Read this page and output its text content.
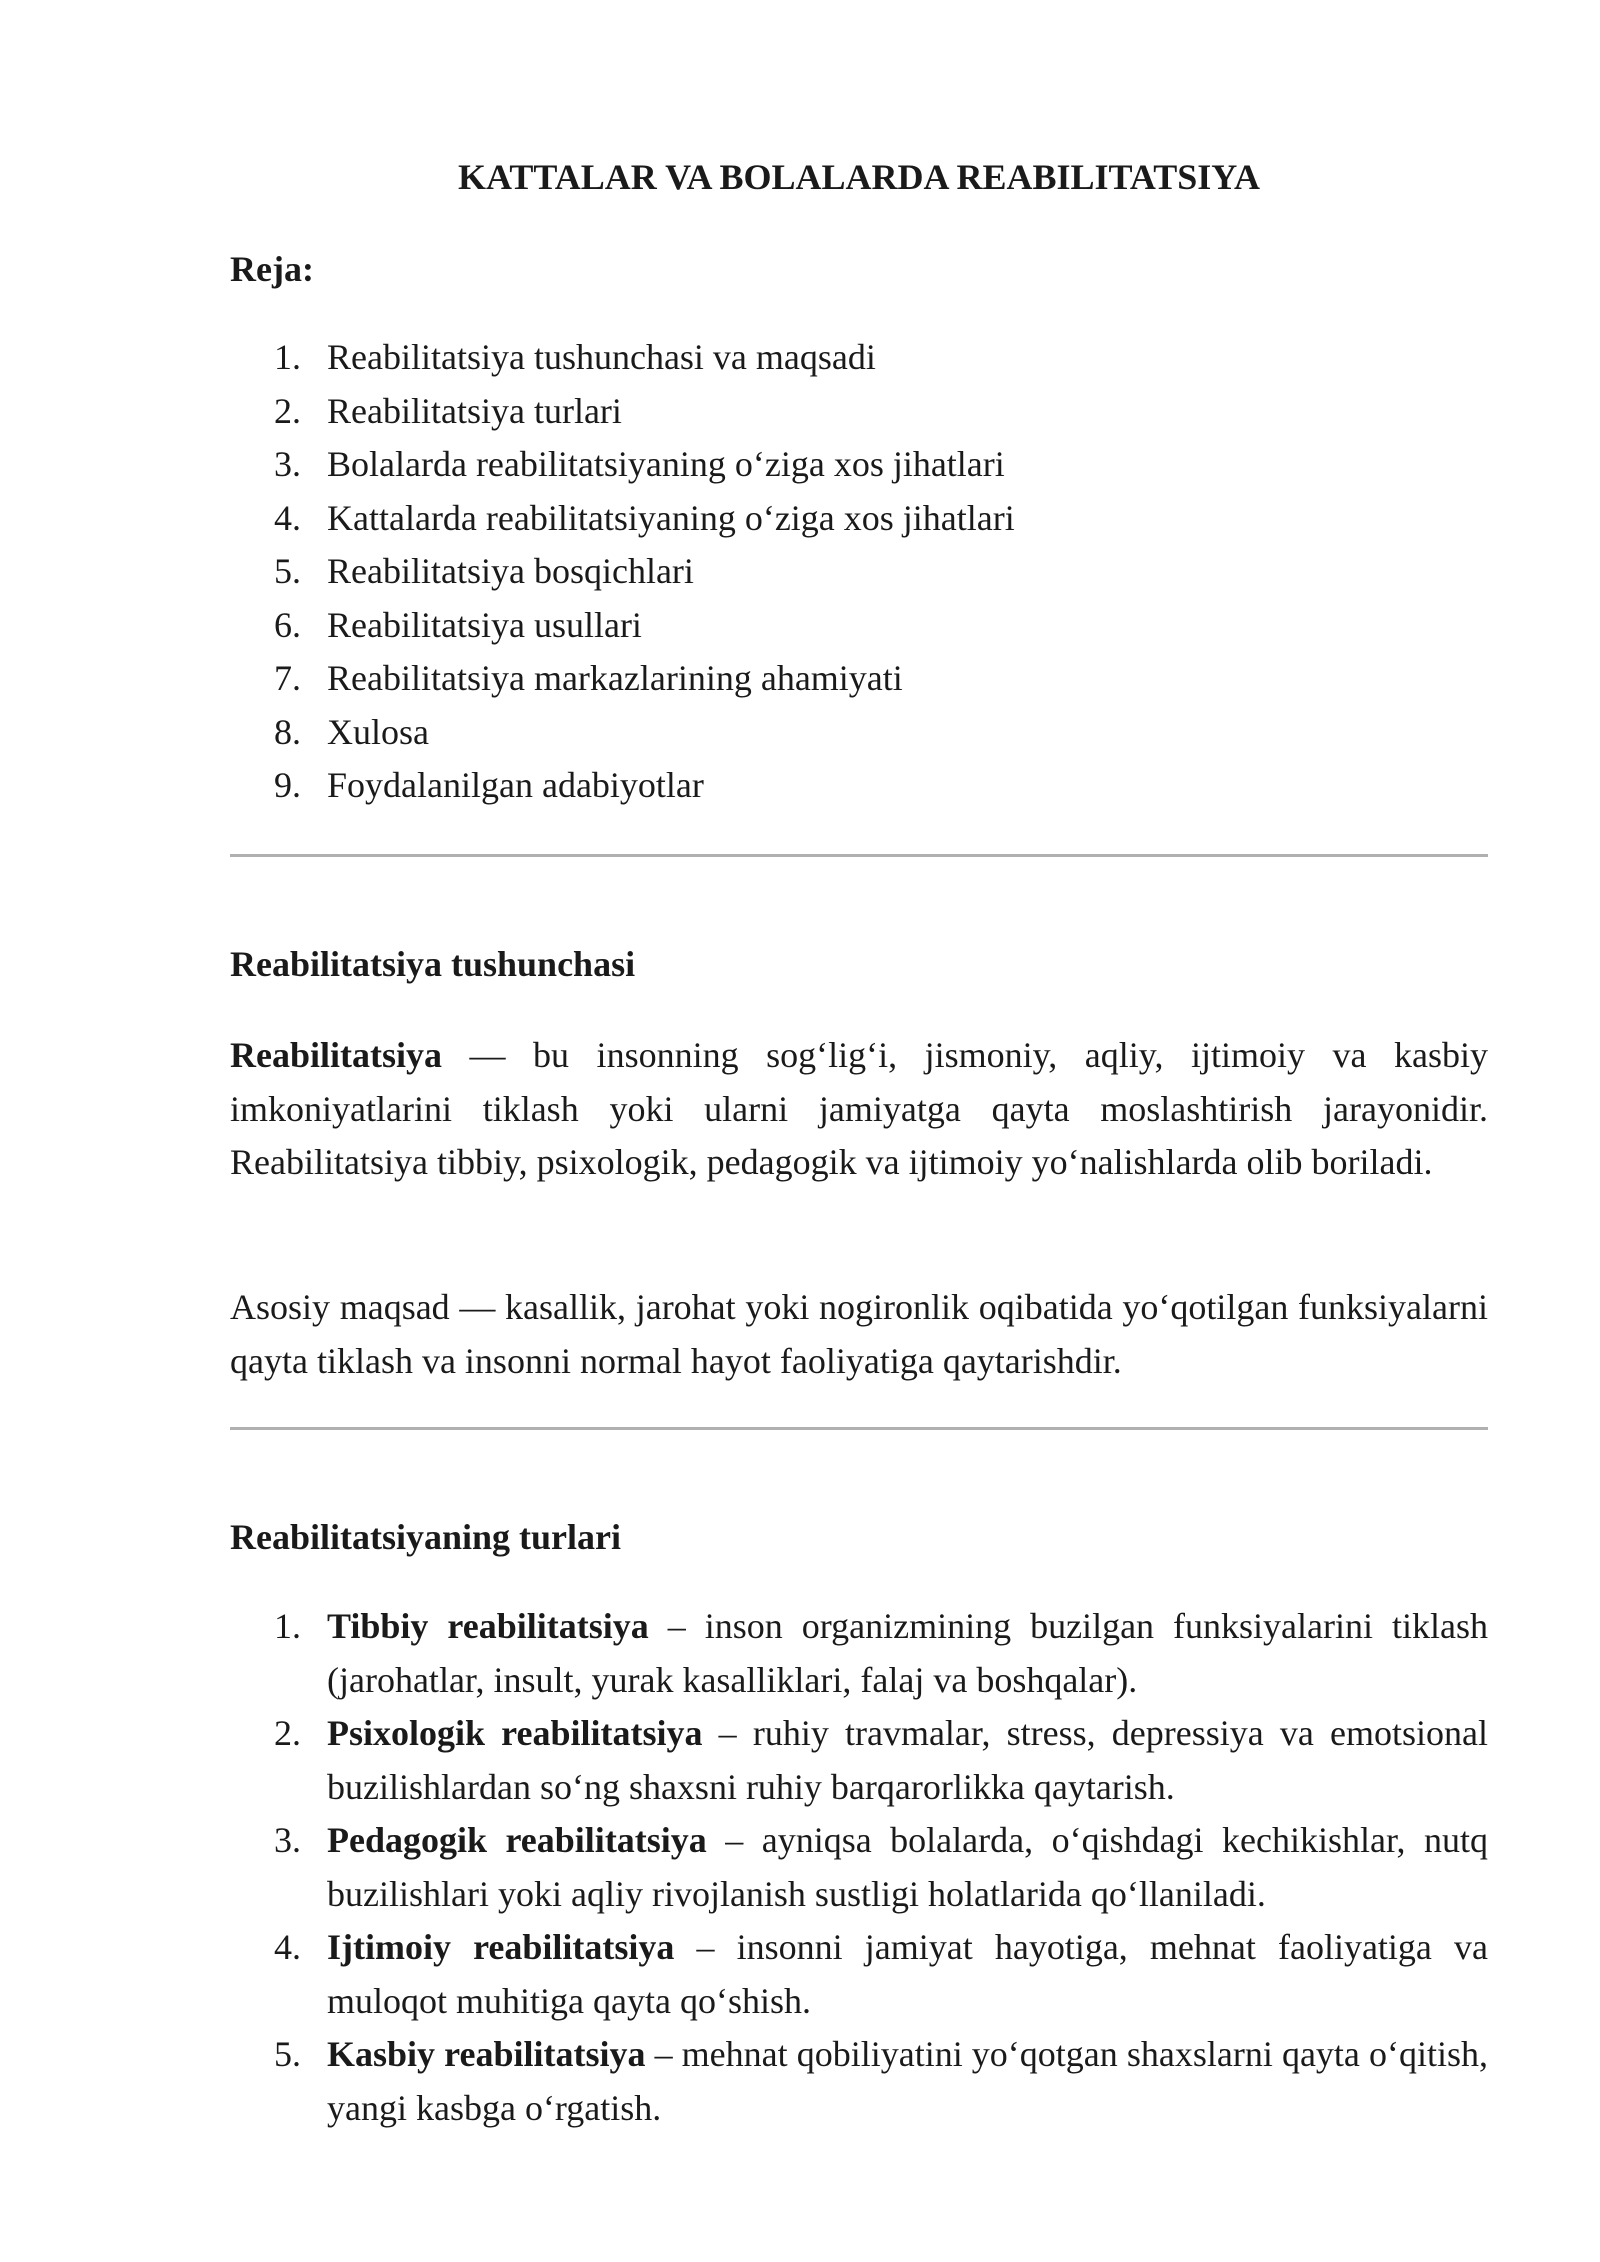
KATTALAR VA BOLALARDA REABILITATSIYA
Reja:
1. Reabilitatsiya tushunchasi va maqsadi
2. Reabilitatsiya turlari
3. Bolalarda reabilitatsiyaning o‘ziga xos jihatlari
4. Kattalarda reabilitatsiyaning o‘ziga xos jihatlari
5. Reabilitatsiya bosqichlari
6. Reabilitatsiya usullari
7. Reabilitatsiya markazlarining ahamiyati
8. Xulosa
9. Foydalanilgan adabiyotlar
Reabilitatsiya tushunchasi

Reabilitatsiya — bu insonning sog‘lig‘i, jismoniy, aqliy, ijtimoiy va kasbiy imkoniyatlarini tiklash yoki ularni jamiyatga qayta moslashtirish jarayonidir. Reabilitatsiya tibbiy, psixologik, pedagogik va ijtimoiy yo‘nalishlarda olib boriladi.

Asosiy maqsad — kasallik, jarohat yoki nogironlik oqibatida yo‘qotilgan funksiyalarni qayta tiklash va insonni normal hayot faoliyatiga qaytarishdir.

Reabilitatsiyaning turlari
1. Tibbiy reabilitatsiya – inson organizmining buzilgan funksiyalarini tiklash (jarohatlar, insult, yurak kasalliklari, falaj va boshqalar).
2. Psixologik reabilitatsiya – ruhiy travmalar, stress, depressiya va emotsional buzilishlardan so‘ng shaxsni ruhiy barqarorlikka qaytarish.
3. Pedagogik reabilitatsiya – ayniqsa bolalarda, o‘qishdagi kechikishlar, nutq buzilishlari yoki aqliy rivojlanish sustligi holatlarida qo‘llaniladi.
4. Ijtimoiy reabilitatsiya – insonni jamiyat hayotiga, mehnat faoliyatiga va muloqot muhitiga qayta qo‘shish.
5. Kasbiy reabilitatsiya – mehnat qobiliyatini yo‘qotgan shaxslarni qayta o‘qitish, yangi kasbga o‘rgatish.
